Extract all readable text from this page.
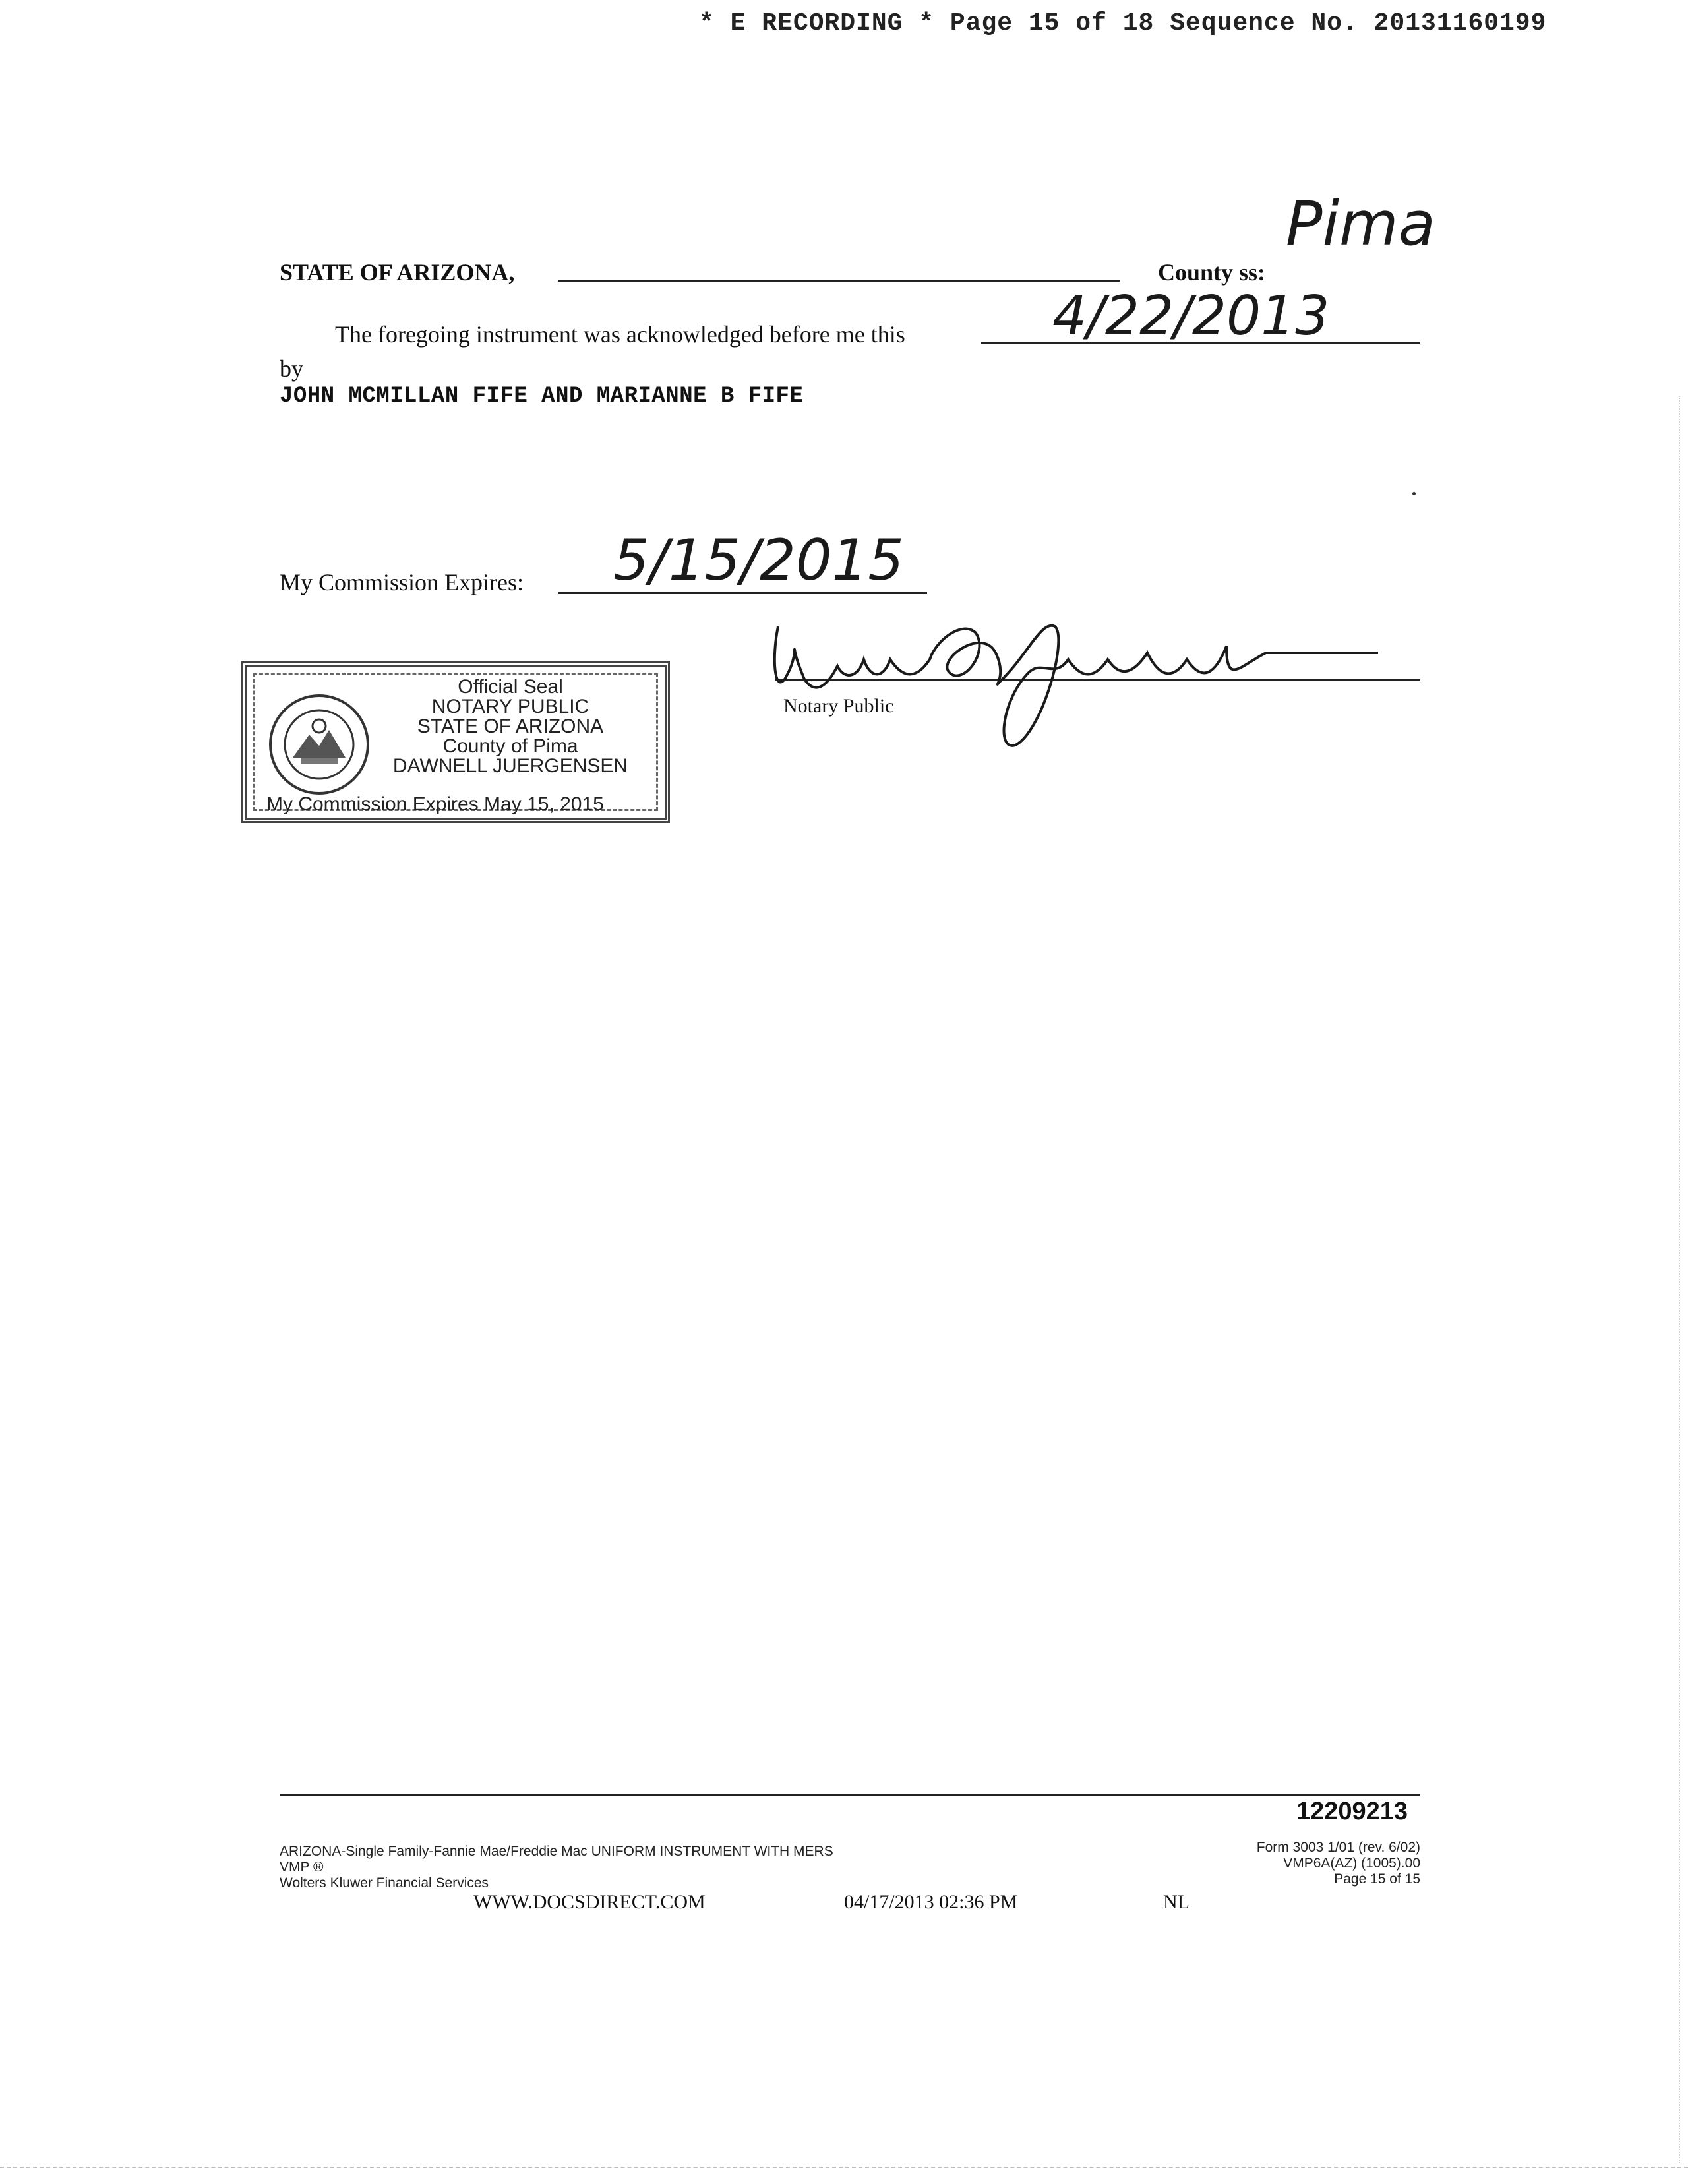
* E RECORDING * Page 15 of 18 Sequence No. 20131160199
STATE OF ARIZONA,	County ss:
Pima
The foregoing instrument was acknowledged before me this	4/22/2013
by
JOHN MCMILLAN FIFE AND MARIANNE B FIFE
My Commission Expires: 5/15/2015
Notary Public
Official Seal
NOTARY PUBLIC
STATE OF ARIZONA
County of Pima
DAWNELL JUERGENSEN
My Commission Expires May 15, 2015
12209213
ARIZONA-Single Family-Fannie Mae/Freddie Mac UNIFORM INSTRUMENT WITH MERS
VMP ®
Wolters Kluwer Financial Services
Form 3003 1/01 (rev. 6/02)
VMP6A(AZ) (1005).00
Page 15 of 15
WWW.DOCSDIRECT.COM	04/17/2013 02:36 PM	NL
